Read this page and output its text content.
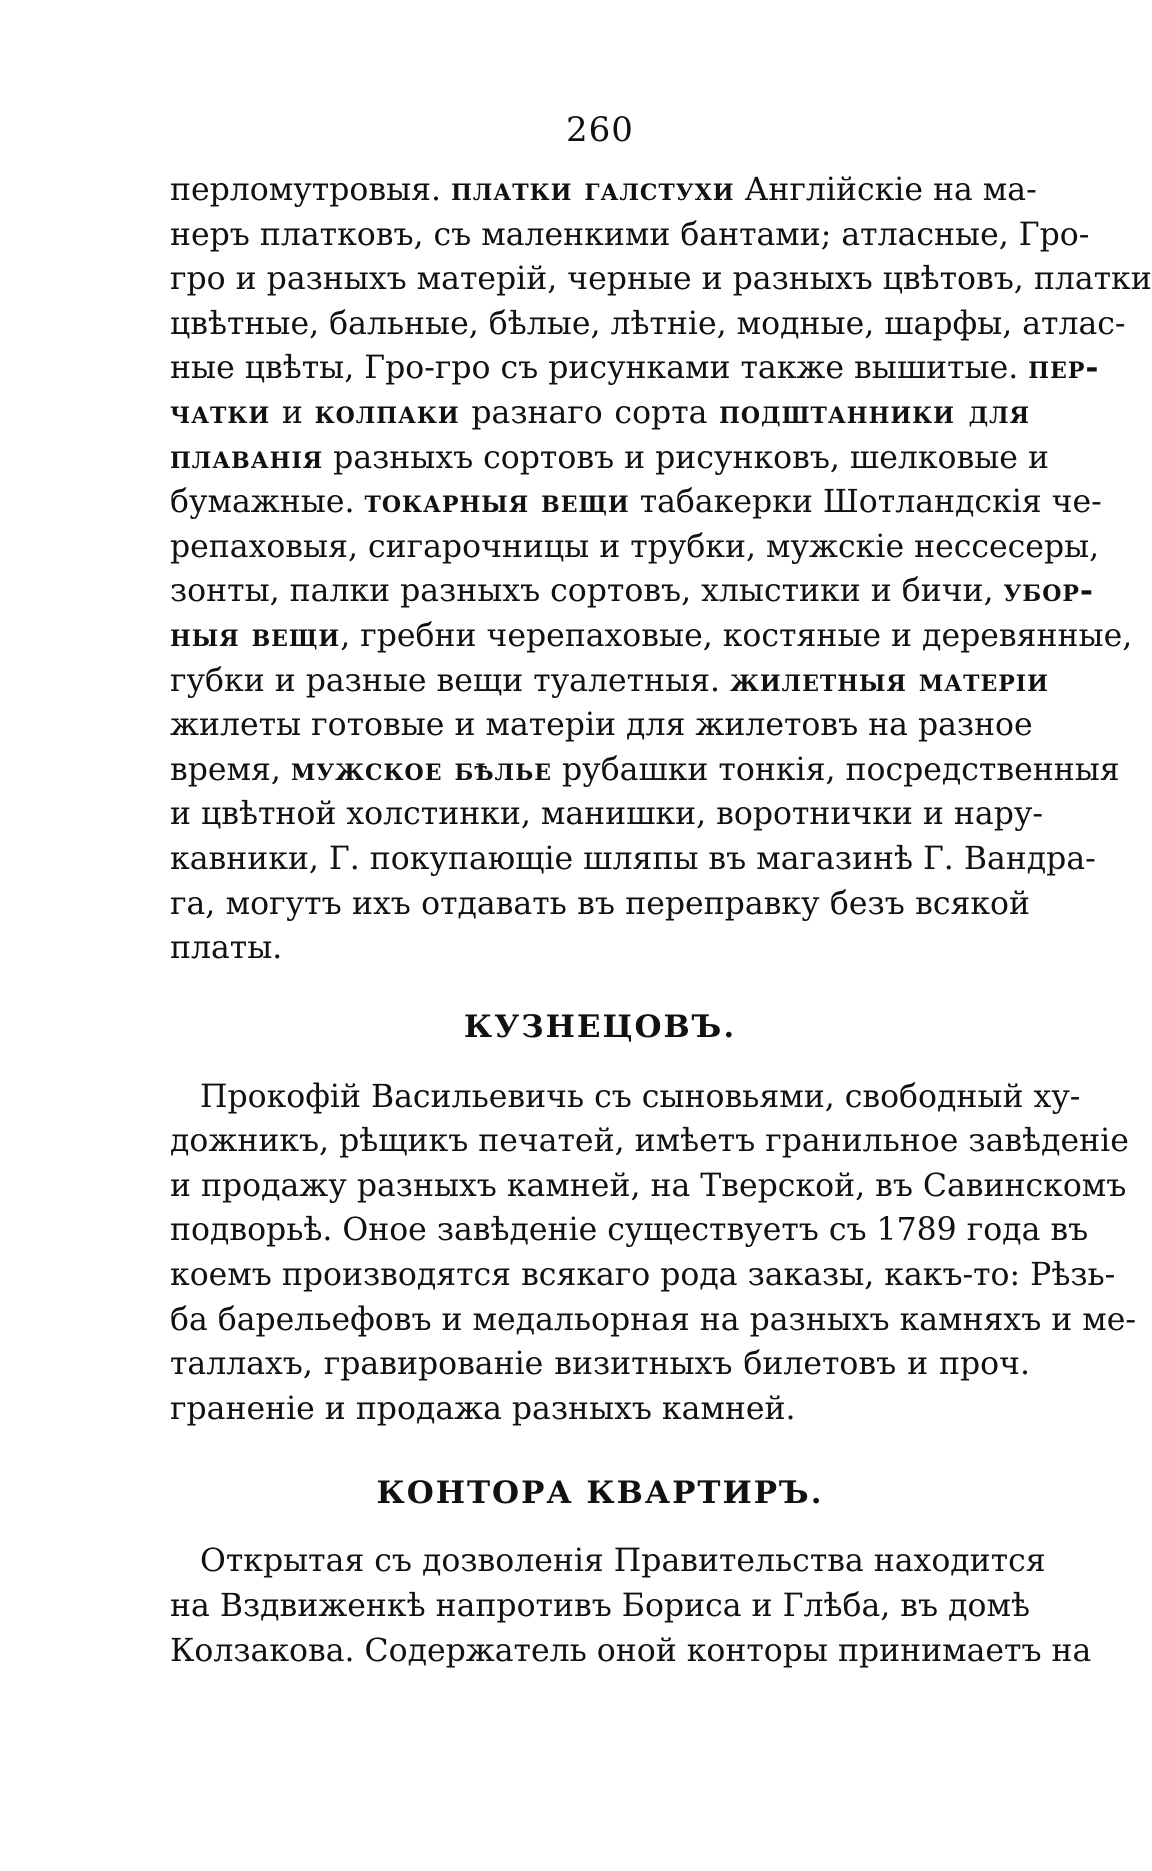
260
перломутровыя. платки галстухи Англійскіе на ма-
неръ платковъ, съ маленкими бантами; атласные, Гро-
гро и разныхъ матерій, черные и разныхъ цвѣтовъ, платки
цвѣтные, бальные, бѣлые, лѣтніе, модные, шарфы, атлас-
ные цвѣты, Гро-гро съ рисунками также вышитые. пер-
чатки и колпаки разнаго сорта подштанники для
плаванія разныхъ сортовъ и рисунковъ, шелковые и
бумажные. токарныя вещи табакерки Шотландскія че-
репаховыя, сигарочницы и трубки, мужскіе нессесеры,
зонты, палки разныхъ сортовъ, хлыстики и бичи, убор-
ныя вещи, гребни черепаховые, костяные и деревянные,
губки и разные вещи туалетныя. жилетныя матеріи
жилеты готовые и матеріи для жилетовъ на разное
время, мужское бѣлье рубашки тонкія, посредственныя
и цвѣтной холстинки, манишки, воротнички и нару-
кавники, Г. покупающіе шляпы въ магазинѣ Г. Вандра-
га, могутъ ихъ отдавать въ перепрaвку безъ всякой
платы.
КУЗНЕЦОВЪ.
Прокофій Васильевичь съ сыновьями, свободный ху-
дожникъ, рѣщикъ печатей, имѣетъ гранильное завѣденіе
и продажу разныхъ камней, на Тверской, въ Савинскомъ
подворьѣ. Оное завѣденіе существуетъ съ 1789 года въ
коемъ производятся всякаго рода заказы, какъ-то: Рѣзь-
ба барельефовъ и медальорная на разныхъ камняхъ и ме-
таллахъ, гравированіе визитныхъ билетовъ и проч.
граненіе и продажа разныхъ камней.
КОНТОРА КВАРТИРЪ.
Открытая съ дозволенія Правительства находится
на Вздвиженкѣ напротивъ Бориса и Глѣба, въ домѣ
Колзакова. Содержатель оной конторы принимаетъ на
